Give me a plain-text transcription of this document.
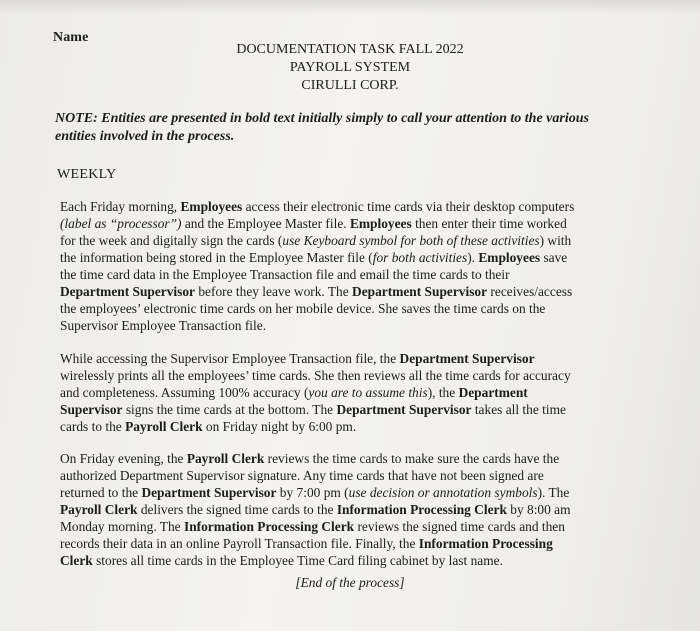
Name
DOCUMENTATION TASK FALL 2022
PAYROLL SYSTEM
CIRULLI CORP.
NOTE: Entities are presented in bold text initially simply to call your attention to the various
entities involved in the process.
WEEKLY
Each Friday morning, Employees access their electronic time cards via their desktop computers
(label as “processor”) and the Employee Master file. Employees then enter their time worked
for the week and digitally sign the cards (use Keyboard symbol for both of these activities) with
the information being stored in the Employee Master file (for both activities). Employees save
the time card data in the Employee Transaction file and email the time cards to their
Department Supervisor before they leave work. The Department Supervisor receives/access
the employees’ electronic time cards on her mobile device. She saves the time cards on the
Supervisor Employee Transaction file.
While accessing the Supervisor Employee Transaction file, the Department Supervisor
wirelessly prints all the employees’ time cards. She then reviews all the time cards for accuracy
and completeness. Assuming 100% accuracy (you are to assume this), the Department
Supervisor signs the time cards at the bottom. The Department Supervisor takes all the time
cards to the Payroll Clerk on Friday night by 6:00 pm.
On Friday evening, the Payroll Clerk reviews the time cards to make sure the cards have the
authorized Department Supervisor signature. Any time cards that have not been signed are
returned to the Department Supervisor by 7:00 pm (use decision or annotation symbols). The
Payroll Clerk delivers the signed time cards to the Information Processing Clerk by 8:00 am
Monday morning. The Information Processing Clerk reviews the signed time cards and then
records their data in an online Payroll Transaction file. Finally, the Information Processing
Clerk stores all time cards in the Employee Time Card filing cabinet by last name.
[End of the process]
